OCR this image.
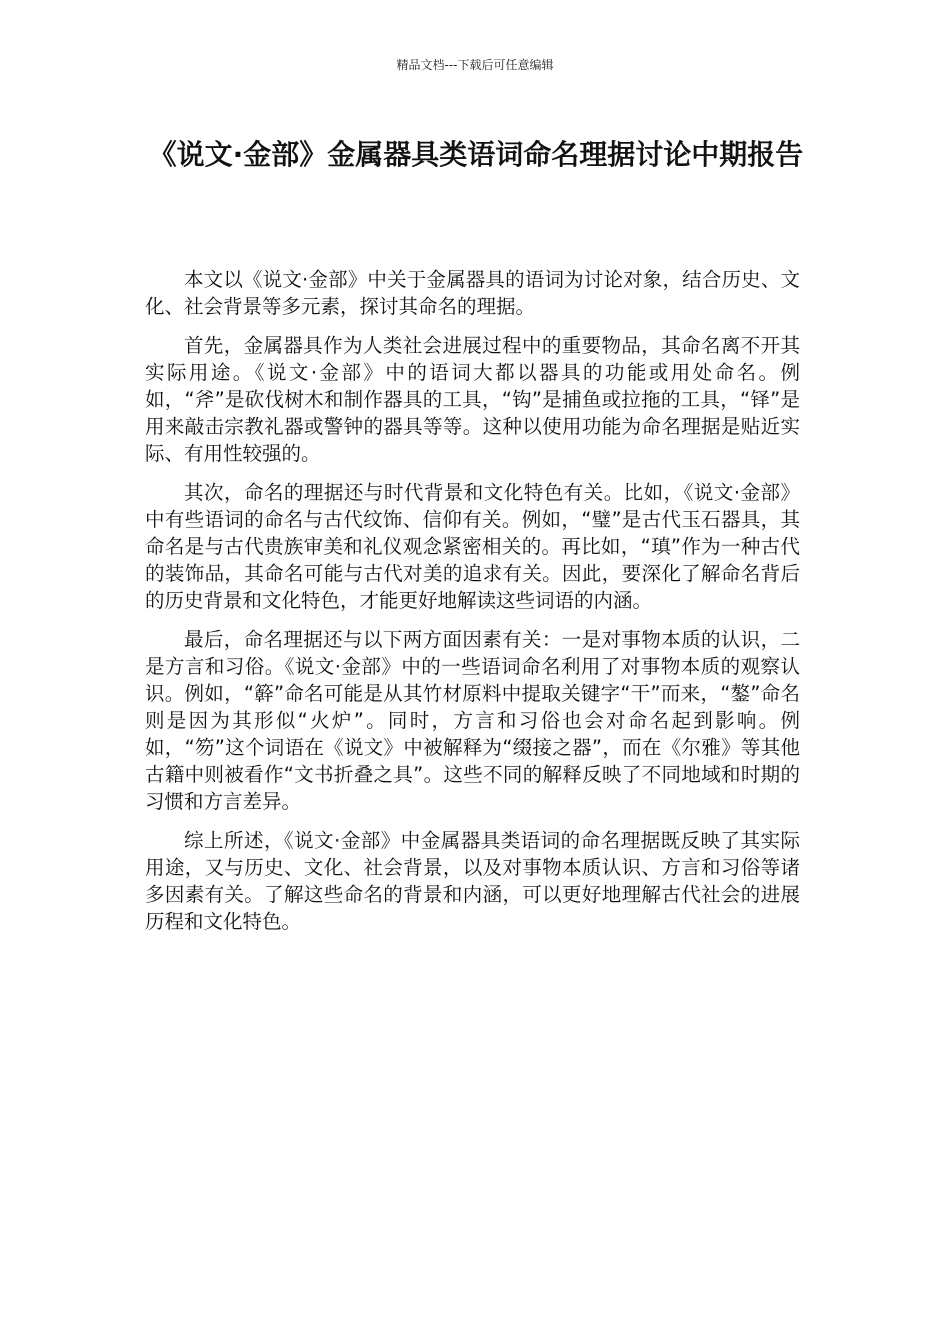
精品文档---下载后可任意编辑
《说文·金部》金属器具类语词命名理据讨论中期报告

本文以《说文·金部》中关于金属器具的语词为讨论对象，结合历史、文化、社会背景等多元素，探讨其命名的理据。

首先，金属器具作为人类社会进展过程中的重要物品，其命名离不开其实际用途。《说文·金部》中的语词大都以器具的功能或用处命名。例如，“斧”是砍伐树木和制作器具的工具，“钩”是捕鱼或拉拖的工具，“铎”是用来敲击宗教礼器或警钟的器具等等。这种以使用功能为命名理据是贴近实际、有用性较强的。

其次，命名的理据还与时代背景和文化特色有关。比如，《说文·金部》中有些语词的命名与古代纹饰、信仰有关。例如，“璧”是古代玉石器具，其命名是与古代贵族审美和礼仪观念紧密相关的。再比如，“瑱”作为一种古代的装饰品，其命名可能与古代对美的追求有关。因此，要深化了解命名背后的历史背景和文化特色，才能更好地解读这些词语的内涵。

最后，命名理据还与以下两方面因素有关：一是对事物本质的认识，二是方言和习俗。《说文·金部》中的一些语词命名利用了对事物本质的观察认识。例如，“簳”命名可能是从其竹材原料中提取关键字“干”而来，“鏊”命名则是因为其形似“火炉”。同时，方言和习俗也会对命名起到影响。例如，“笏”这个词语在《说文》中被解释为“缀接之器”，而在《尔雅》等其他古籍中则被看作“文书折叠之具”。这些不同的解释反映了不同地域和时期的习惯和方言差异。

综上所述，《说文·金部》中金属器具类语词的命名理据既反映了其实际用途，又与历史、文化、社会背景，以及对事物本质认识、方言和习俗等诸多因素有关。了解这些命名的背景和内涵，可以更好地理解古代社会的进展历程和文化特色。
